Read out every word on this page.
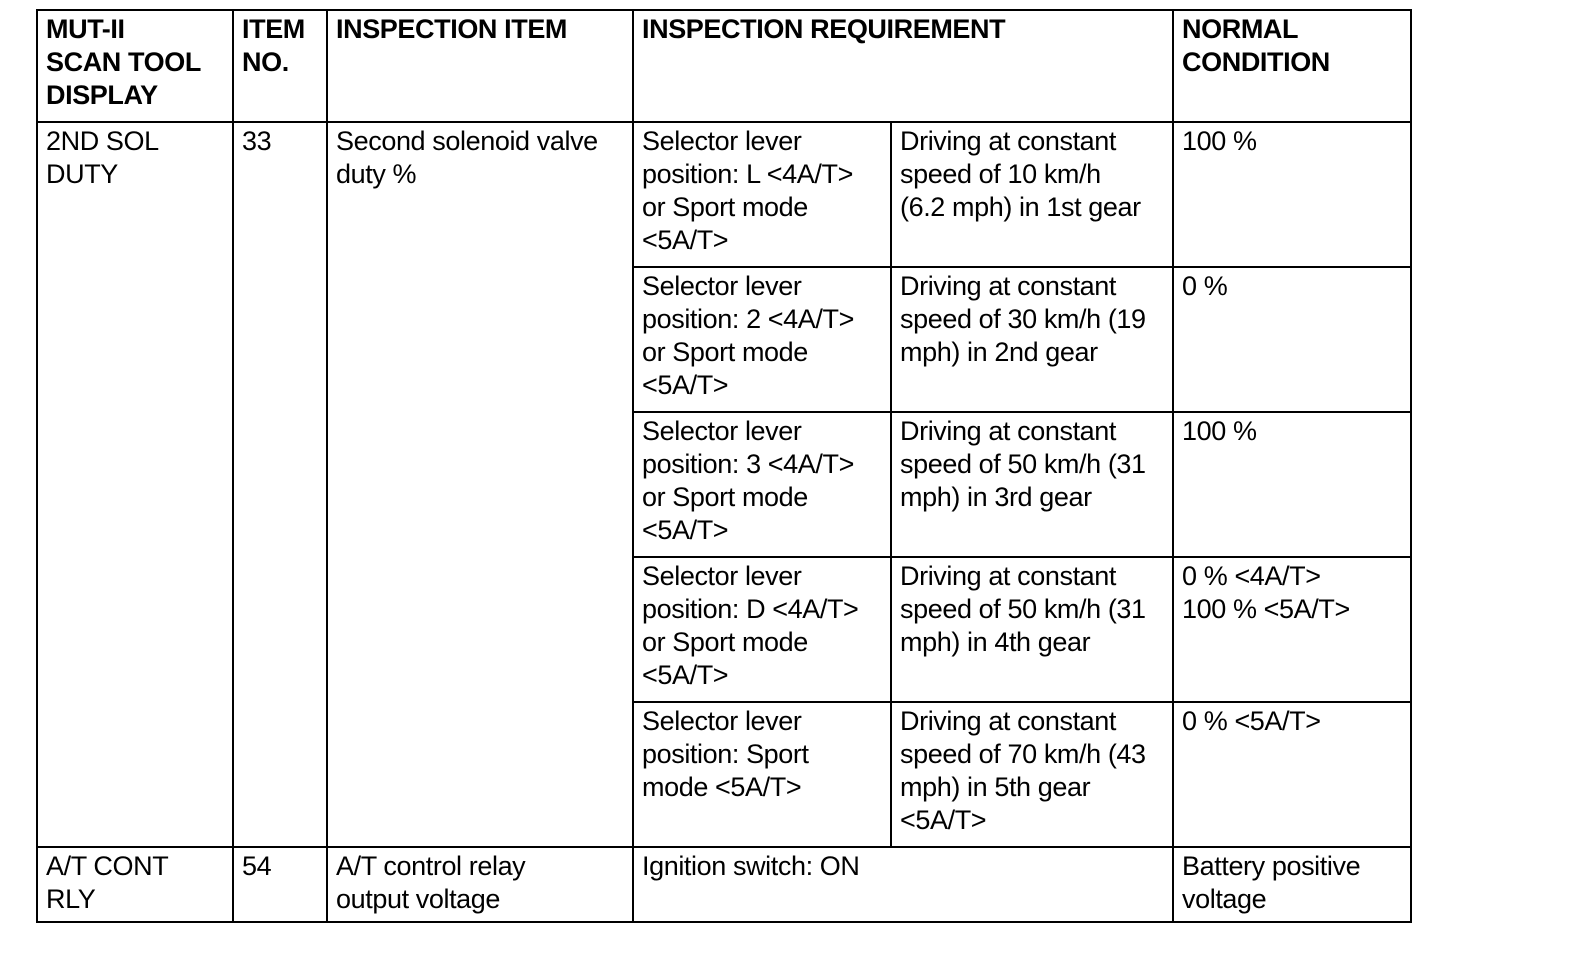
MUT-II
SCAN TOOL
DISPLAY	ITEM
NO.	INSPECTION ITEM	INSPECTION REQUIREMENT		NORMAL
CONDITION
2ND SOL
DUTY	33	Second solenoid valve
duty %	Selector lever
position: L <4A/T>
or Sport mode
<5A/T>	Driving at constant
speed of 10 km/h
(6.2 mph) in 1st gear	100 %
			Selector lever
position: 2 <4A/T>
or Sport mode
<5A/T>	Driving at constant
speed of 30 km/h (19
mph) in 2nd gear	0 %
			Selector lever
position: 3 <4A/T>
or Sport mode
<5A/T>	Driving at constant
speed of 50 km/h (31
mph) in 3rd gear	100 %
			Selector lever
position: D <4A/T>
or Sport mode
<5A/T>	Driving at constant
speed of 50 km/h (31
mph) in 4th gear	0 % <4A/T>
100 % <5A/T>
			Selector lever
position: Sport
mode <5A/T>	Driving at constant
speed of 70 km/h (43
mph) in 5th gear
<5A/T>	0 % <5A/T>
A/T CONT
RLY	54	A/T control relay
output voltage	Ignition switch: ON		Battery positive
voltage
